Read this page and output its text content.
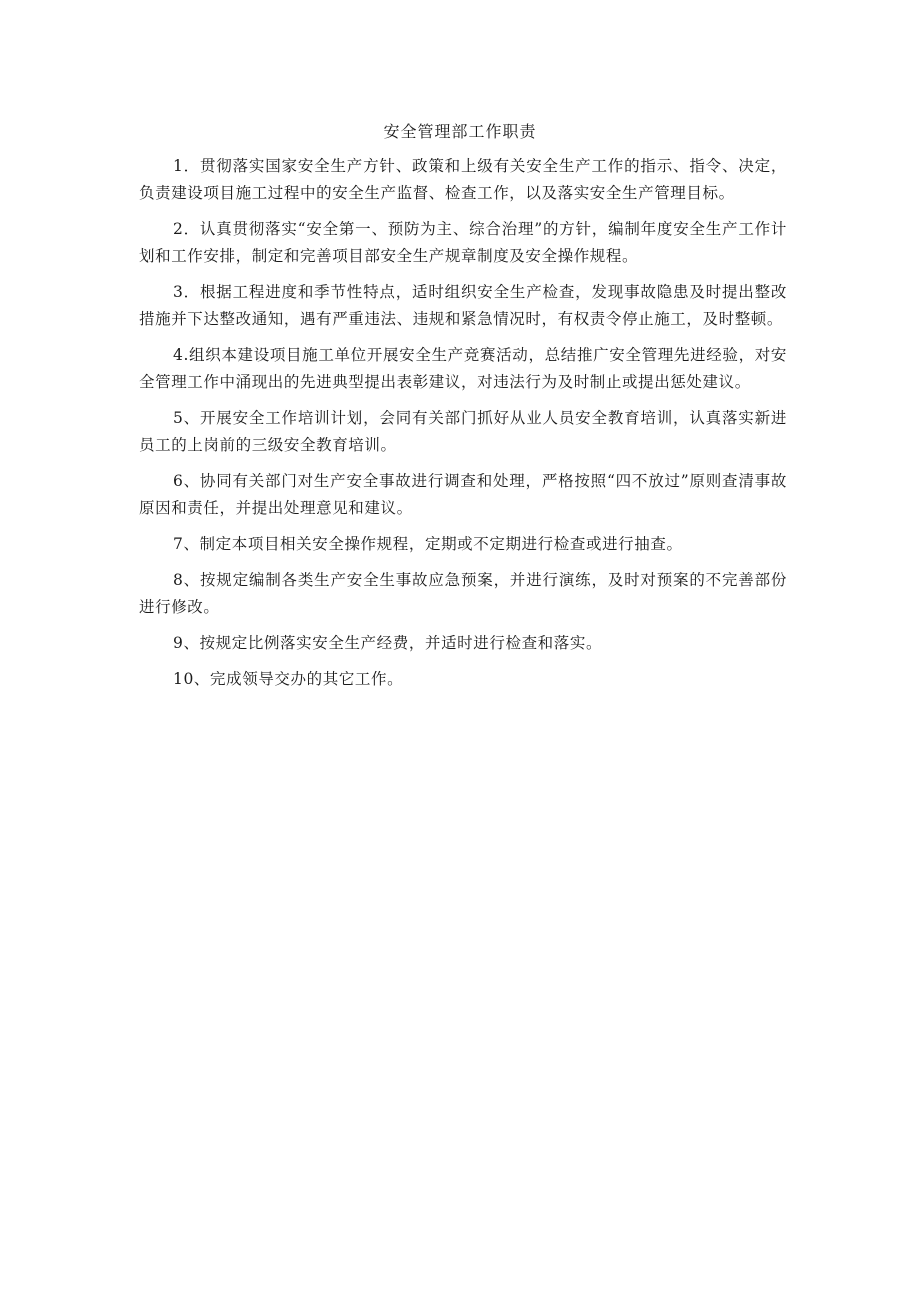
安全管理部工作职责

1．贯彻落实国家安全生产方针、政策和上级有关安全生产工作的指示、指令、决定，负责建设项目施工过程中的安全生产监督、检查工作，以及落实安全生产管理目标。

2．认真贯彻落实“安全第一、预防为主、综合治理”的方针，编制年度安全生产工作计划和工作安排，制定和完善项目部安全生产规章制度及安全操作规程。

3．根据工程进度和季节性特点，适时组织安全生产检查，发现事故隐患及时提出整改措施并下达整改通知，遇有严重违法、违规和紧急情况时，有权责令停止施工，及时整顿。

4.组织本建设项目施工单位开展安全生产竞赛活动，总结推广安全管理先进经验，对安全管理工作中涌现出的先进典型提出表彰建议，对违法行为及时制止或提出惩处建议。

5、开展安全工作培训计划，会同有关部门抓好从业人员安全教育培训，认真落实新进员工的上岗前的三级安全教育培训。

6、协同有关部门对生产安全事故进行调查和处理，严格按照“四不放过”原则查清事故原因和责任，并提出处理意见和建议。

7、制定本项目相关安全操作规程，定期或不定期进行检查或进行抽查。

8、按规定编制各类生产安全生事故应急预案，并进行演练，及时对预案的不完善部份进行修改。

9、按规定比例落实安全生产经费，并适时进行检查和落实。

10、完成领导交办的其它工作。
